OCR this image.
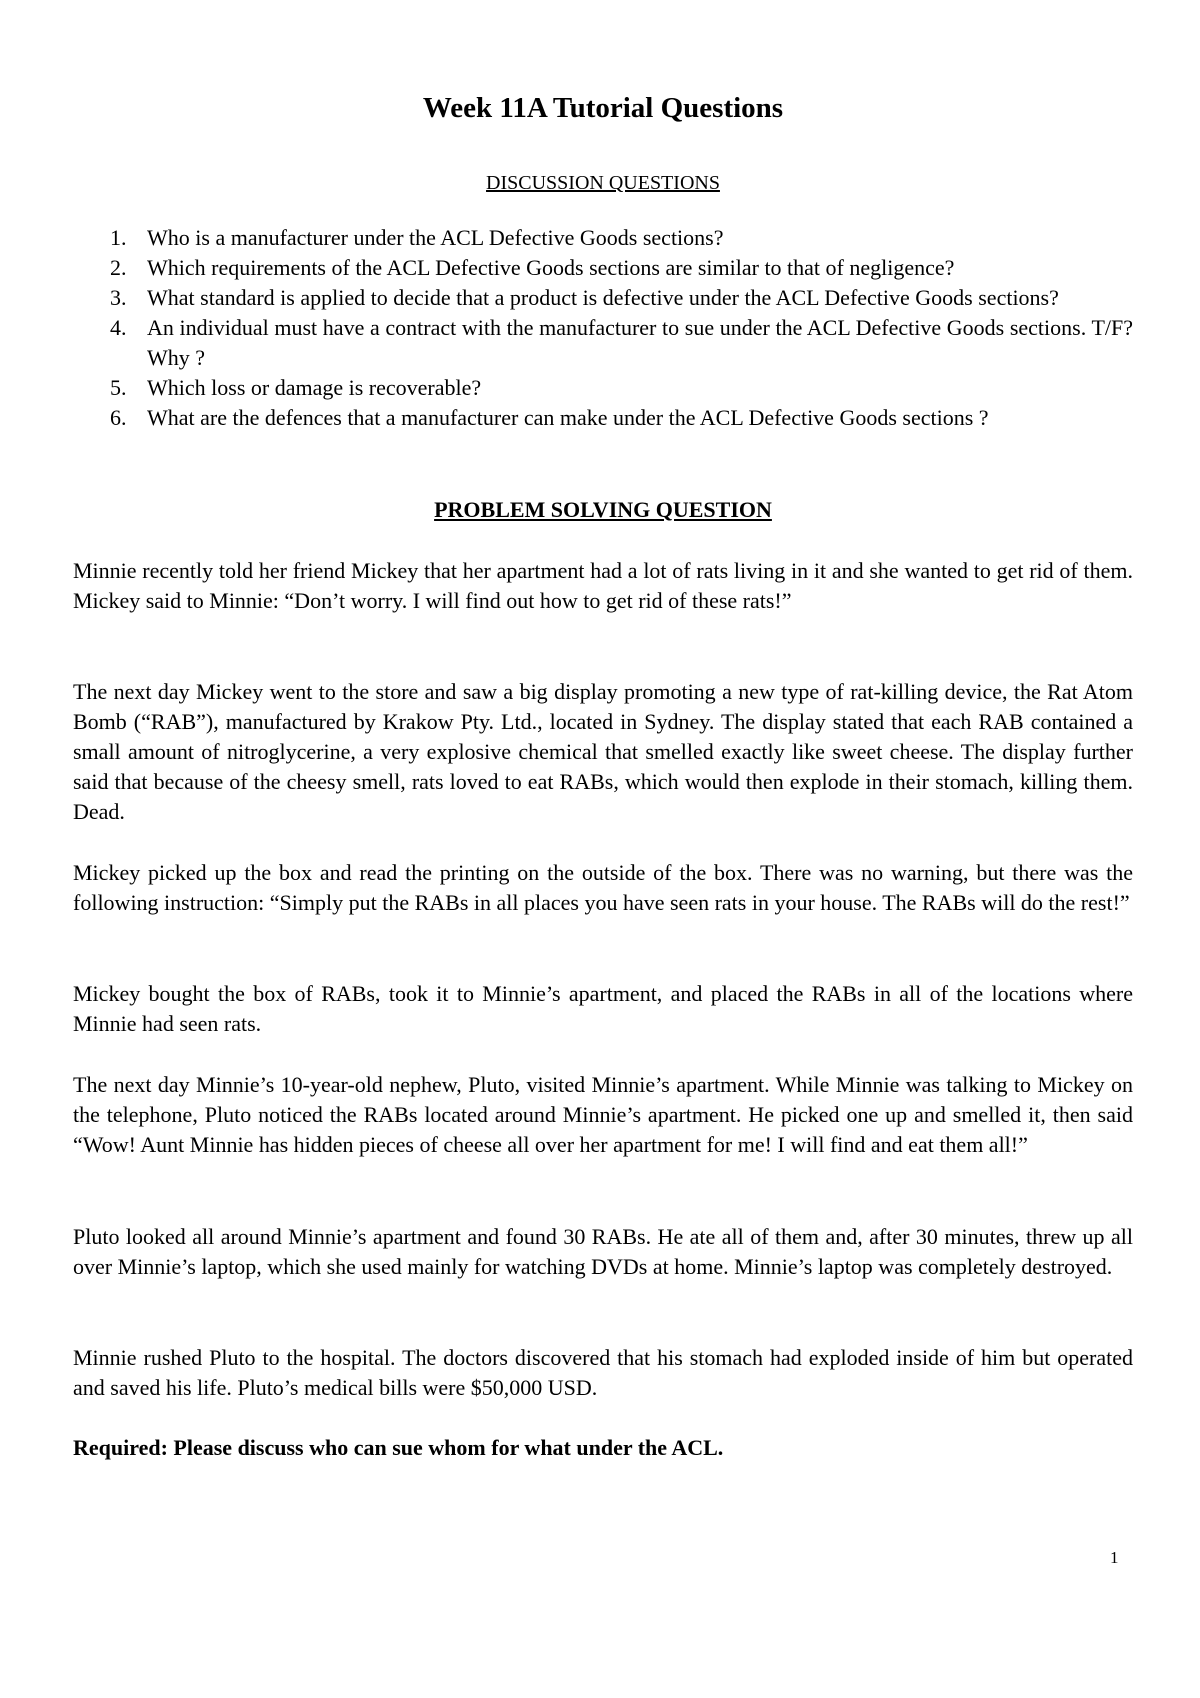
Week 11A Tutorial Questions
DISCUSSION QUESTIONS
1. Who is a manufacturer under the ACL Defective Goods sections?
2. Which requirements of the ACL Defective Goods sections are similar to that of negligence?
3. What standard is applied to decide that a product is defective under the ACL Defective Goods sections?
4. An individual must have a contract with the manufacturer to sue under the ACL Defective Goods sections. T/F? Why ?
5. Which loss or damage is recoverable?
6. What are the defences that a manufacturer can make under the ACL Defective Goods sections ?
PROBLEM SOLVING QUESTION

Minnie recently told her friend Mickey that her apartment had a lot of rats living in it and she wanted to get rid of them. Mickey said to Minnie: “Don’t worry. I will find out how to get rid of these rats!”

The next day Mickey went to the store and saw a big display promoting a new type of rat-killing device, the Rat Atom Bomb (“RAB”), manufactured by Krakow Pty. Ltd., located in Sydney. The display stated that each RAB contained a small amount of nitroglycerine, a very explosive chemical that smelled exactly like sweet cheese. The display further said that because of the cheesy smell, rats loved to eat RABs, which would then explode in their stomach, killing them. Dead.

Mickey picked up the box and read the printing on the outside of the box. There was no warning, but there was the following instruction: “Simply put the RABs in all places you have seen rats in your house. The RABs will do the rest!”

Mickey bought the box of RABs, took it to Minnie’s apartment, and placed the RABs in all of the locations where Minnie had seen rats.

The next day Minnie’s 10-year-old nephew, Pluto, visited Minnie’s apartment. While Minnie was talking to Mickey on the telephone, Pluto noticed the RABs located around Minnie’s apartment. He picked one up and smelled it, then said “Wow! Aunt Minnie has hidden pieces of cheese all over her apartment for me! I will find and eat them all!”

Pluto looked all around Minnie’s apartment and found 30 RABs. He ate all of them and, after 30 minutes, threw up all over Minnie’s laptop, which she used mainly for watching DVDs at home. Minnie’s laptop was completely destroyed.

Minnie rushed Pluto to the hospital. The doctors discovered that his stomach had exploded inside of him but operated and saved his life. Pluto’s medical bills were $50,000 USD.

Required: Please discuss who can sue whom for what under the ACL.

1
